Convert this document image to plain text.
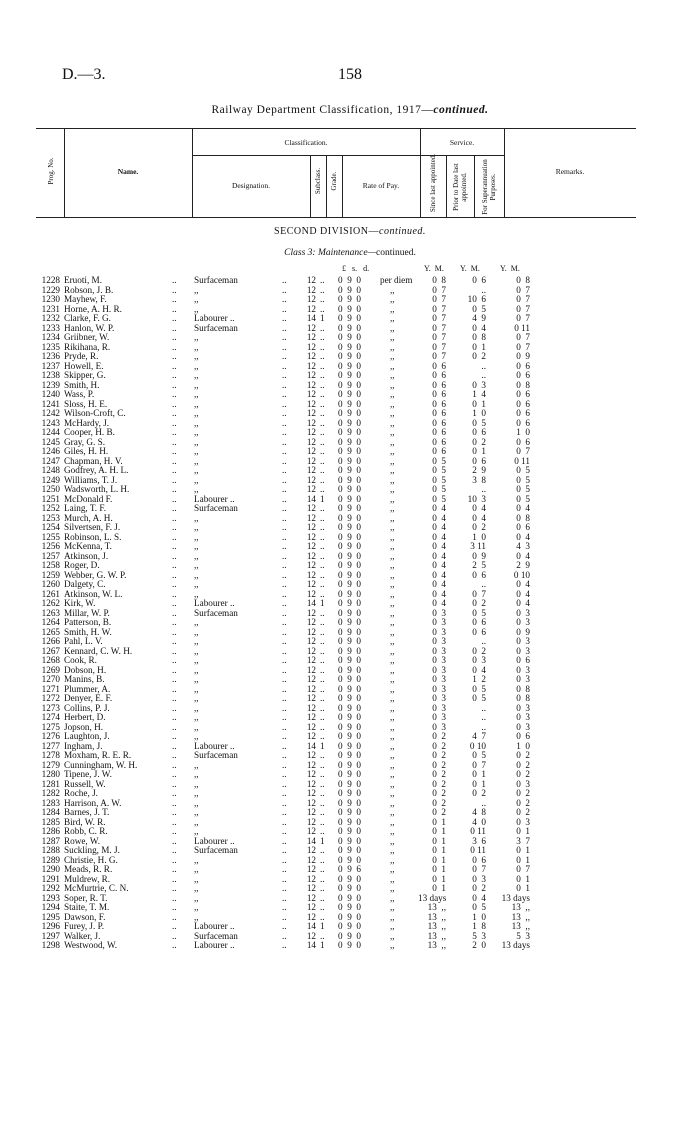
D.—3.	158
Railway Department Classification, 1917—continued.
Prog. No.	Name.
Classification.	Service.
Designation.	Subclass. Grade.	Rate of Pay.	Since last appointed. Prior to Date last appointed. For Superannuation Purposes.
Remarks.
SECOND DIVISION—continued.
Class 3: Maintenance—continued.
£   s.   d.	Y.  M. Y.  M.	Y.  M.
1228 Eruoti, M.	..	Surfaceman	..	12 ..	0  9  0	per diem	0  8	0  6	0  8
1229 Robson, J. B.	..	,,	..	12 ..	0  9  0	,,	0  7	..	0  7
1230 Mayhew, F.	..	,,	..	12 ..	0  9  0	,,	0  7	10  6	0  7
1231 Horne, A. H. R.	..	,,	..	12 ..	0  9  0	,,	0  7	0  5	0  7
1232 Clarke, F. G.	..	Labourer ..	..	14 1	0  9  0	,,	0  7	4  9	0  7
1233 Hanlon, W. P.	..	Surfaceman	..	12 ..	0  9  0	,,	0  7	0  4	0 11
1234 Griibner, W.	..	,,	..	12 ..	0  9  0	,,	0  7	0  8	0  7
1235 Rikihana, R.	..	,,	..	12 ..	0  9  0	,,	0  7	0  1	0  7
1236 Pryde, R.	..	,,	..	12 ..	0  9  0	,,	0  7	0  2	0  9
1237 Howell, E.	..	,,	..	12 ..	0  9  0	,,	0  6	..	0  6
1238 Skipper, G.	..	,,	..	12 ..	0  9  0	,,	0  6	..	0  6
1239 Smith, H.	..	,,	..	12 ..	0  9  0	,,	0  6	0  3	0  8
1240 Wass, P.	..	,,	..	12 ..	0  9  0	,,	0  6	1  4	0  6
1241 Sloss, H. E.	..	,,	..	12 ..	0  9  0	,,	0  6	0  1	0  6
1242 Wilson-Croft, C.	..	,,	..	12 ..	0  9  0	,,	0  6	1  0	0  6
1243 McHardy, J.	..	,,	..	12 ..	0  9  0	,,	0  6	0  5	0  6
1244 Cooper, H. B.	..	,,	..	12 ..	0  9  0	,,	0  6	0  6	1  0
1245 Gray, G. S.	..	,,	..	12 ..	0  9  0	,,	0  6	0  2	0  6
1246 Giles, H. H.	..	,,	..	12 ..	0  9  0	,,	0  6	0  1	0  7
1247 Chapman, H. V.	..	,,	..	12 ..	0  9  0	,,	0  5	0  6	0 11
1248 Godfrey, A. H. L.	..	,,	..	12 ..	0  9  0	,,	0  5	2  9	0  5
1249 Williams, T. J.	..	,,	..	12 ..	0  9  0	,,	0  5	3  8	0  5
1250 Wadsworth, L. H.	..	,,	..	12 ..	0  9  0	,,	0  5	..	0  5
1251 McDonald F.	..	Labourer ..	..	14 1	0  9  0	,,	0  5	10  3	0  5
1252 Laing, T. F.	..	Surfaceman	..	12 ..	0  9  0	,,	0  4	0  4	0  4
1253 Murch, A. H.	..	,,	..	12 ..	0  9  0	,,	0  4	0  4	0  8
1254 Silvertsen, F. J.	..	,,	..	12 ..	0  9  0	,,	0  4	0  2	0  6
1255 Robinson, L. S.	..	,,	..	12 ..	0  9  0	,,	0  4	1  0	0  4
1256 McKenna, T.	..	,,	..	12 ..	0  9  0	,,	0  4	3 11	4  3
1257 Atkinson, J.	..	,,	..	12 ..	0  9  0	,,	0  4	0  9	0  4
1258 Roger, D.	..	,,	..	12 ..	0  9  0	,,	0  4	2  5	2  9
1259 Webber, G. W. P.	..	,,	..	12 ..	0  9  0	,,	0  4	0  6	0 10
1260 Dalgety, C.	..	,,	..	12 ..	0  9  0	,,	0  4	..	0  4
1261 Atkinson, W. L.	..	,,	..	12 ..	0  9  0	,,	0  4	0  7	0  4
1262 Kirk, W.	..	Labourer ..	..	14 1	0  9  0	,,	0  4	0  2	0  4
1263 Millar, W. P.	..	Surfaceman	..	12 ..	0  9  0	,,	0  3	0  5	0  3
1264 Patterson, B.	..	,,	..	12 ..	0  9  0	,,	0  3	0  6	0  3
1265 Smith, H. W.	..	,,	..	12 ..	0  9  0	,,	0  3	0  6	0  9
1266 Pahl, L. V.	..	,,	..	12 ..	0  9  0	,,	0  3	..	0  3
1267 Kennard, C. W. H.	..	,,	..	12 ..	0  9  0	,,	0  3	0  2	0  3
1268 Cook, R.	..	,,	..	12 ..	0  9  0	,,	0  3	0  3	0  6
1269 Dobson, H.	..	,,	..	12 ..	0  9  0	,,	0  3	0  4	0  3
1270 Manins, B.	..	,,	..	12 ..	0  9  0	,,	0  3	1  2	0  3
1271 Plummer, A.	..	,,	..	12 ..	0  9  0	,,	0  3	0  5	0  8
1272 Denyer, E. F.	..	,,	..	12 ..	0  9  0	,,	0  3	0  5	0  8
1273 Collins, P. J.	..	,,	..	12 ..	0  9  0	,,	0  3	..	0  3
1274 Herbert, D.	..	,,	..	12 ..	0  9  0	,,	0  3	..	0  3
1275 Jopson, H.	..	,,	..	12 ..	0  9  0	,,	0  3	..	0  3
1276 Laughton, J.	..	,,	..	12 ..	0  9  0	,,	0  2	4  7	0  6
1277 Ingham, J.	..	Labourer ..	..	14 1	0  9  0	,,	0  2	0 10	1  0
1278 Moxham, R. E. R.	..	Surfaceman	..	12 ..	0  9  0	,,	0  2	0  5	0  2
1279 Cunningham, W. H.	..	,,	..	12 ..	0  9  0	,,	0  2	0  7	0  2
1280 Tipene, J. W.	..	,,	..	12 ..	0  9  0	,,	0  2	0  1	0  2
1281 Russell, W.	..	,,	..	12 ..	0  9  0	,,	0  2	0  1	0  3
1282 Roche, J.	..	,,	..	12 ..	0  9  0	,,	0  2	0  2	0  2
1283 Harrison, A. W.	..	,,	..	12 ..	0  9  0	,,	0  2	..	0  2
1284 Barnes, J. T.	..	,,	..	12 ..	0  9  0	,,	0  2	4  8	0  2
1285 Bird, W. R.	..	,,	..	12 ..	0  9  0	,,	0  1	4  0	0  3
1286 Robb, C. R.	..	,,	..	12 ..	0  9  0	,,	0  1	0 11	0  1
1287 Rowe, W.	..	Labourer ..	..	14 1	0  9  0	,,	0  1	3  6	3  7
1288 Suckling, M. J.	..	Surfaceman	..	12 ..	0  9  0	,,	0  1	0 11	0  1
1289 Christie, H. G.	..	,,	..	12 ..	0  9  0	,,	0  1	0  6	0  1
1290 Meads, R. R.	..	,,	..	12 ..	0  9  6	,,	0  1	0  7	0  7
1291 Muldrew, R.	..	,,	..	12 ..	0  9  0	,,	0  1	0  3	0  1
1292 McMurtrie, C. N.	..	,,	..	12 ..	0  9  0	,,	0  1	0  2	0  1
1293 Soper, R. T.	..	,,	..	12 ..	0  9  0	,,	13 days	0  4	13 days
1294 Staite, T. M.	..	,,	..	12 ..	0  9  0	,,	13  ,,	0  5	13  ,,
1295 Dawson, F.	..	,,	..	12 ..	0  9  0	,,	13  ,,	1  0	13  ,,
1296 Furey, J. P.	..	Labourer ..	..	14 1	0  9  0	,,	13  ,,	1  8	13  ,,
1297 Walker, J.	..	Surfaceman	..	12 ..	0  9  0	,,	13  ,,	5  3	5  3
1298 Westwood, W.	..	Labourer ..	..	14 1	0  9  0	,,	13  ,,	2  0	13 days
